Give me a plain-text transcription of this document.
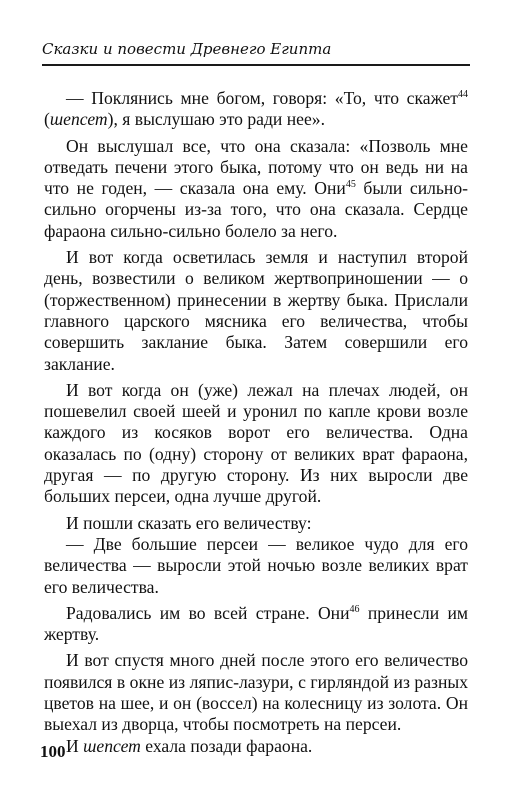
Сказки и повести Древнего Египта

— Поклянись мне богом, говоря: «То, что скажет$^{44}$ (шепсет), я выслушаю это ради нее».

Он выслушал все, что она сказала: «Позволь мне отведать печени этого быка, потому что он ведь ни на что не годен, — сказала она ему. Они$^{45}$ были сильно-сильно огорчены из-за того, что она сказала. Сердце фараона сильно-сильно болело за него.

И вот когда осветилась земля и наступил второй день, возвестили о великом жертвоприношении — о (торжественном) принесении в жертву быка. Прислали главного царского мясника его величества, чтобы совершить заклание быка. Затем совершили его заклание.

И вот когда он (уже) лежал на плечах людей, он пошевелил своей шеей и уронил по капле крови возле каждого из косяков ворот его величества. Одна оказалась по (одну) сторону от великих врат фараона, другая — по другую сторону. Из них выросли две больших персеи, одна лучше другой.

И пошли сказать его величеству:

— Две большие персеи — великое чудо для его величества — выросли этой ночью возле великих врат его величества.

Радовались им во всей стране. Они$^{46}$ принесли им жертву.

И вот спустя много дней после этого его величество появился в окне из ляпис-лазури, с гирляндой из разных цветов на шее, и он (воссел) на колесницу из золота. Он выехал из дворца, чтобы посмотреть на персеи.

И шепсет ехала позади фараона.

100
